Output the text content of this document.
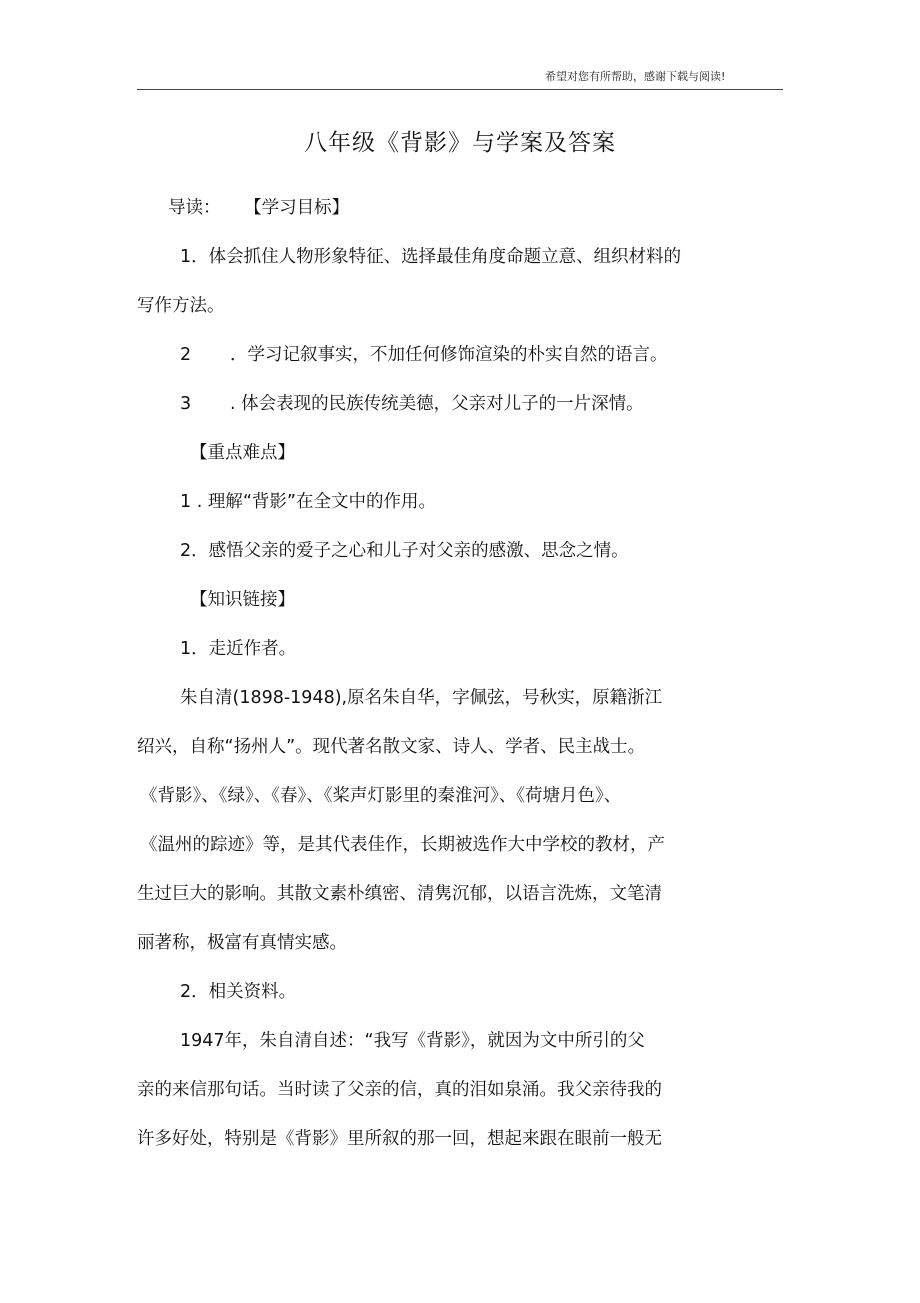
希望对您有所帮助，感谢下载与阅读!
八年级《背影》与学案及答案
导读： 【学习目标】
1．体会抓住人物形象特征、选择最佳角度命题立意、组织材料的
写作方法。
2 ．学习记叙事实，不加任何修饰渲染的朴实自然的语言。
3 . 体会表现的民族传统美德，父亲对儿子的一片深情。
【重点难点】
1 . 理解“背影”在全文中的作用。
2．感悟父亲的爱子之心和儿子对父亲的感激、思念之情。
【知识链接】
1．走近作者。
朱自清(1898-1948),原名朱自华，字佩弦，号秋实，原籍浙江
绍兴，自称“扬州人”。现代著名散文家、诗人、学者、民主战士。
《背影》、《绿》、《春》、《桨声灯影里的秦淮河》、《荷塘月色》、
《温州的踪迹》等，是其代表佳作，长期被选作大中学校的教材，产
生过巨大的影响。其散文素朴缜密、清隽沉郁，以语言洗炼，文笔清
丽著称，极富有真情实感。
2．相关资料。
1947年，朱自清自述：“我写《背影》，就因为文中所引的父
亲的来信那句话。当时读了父亲的信，真的泪如泉涌。我父亲待我的
许多好处，特别是《背影》里所叙的那一回，想起来跟在眼前一般无
